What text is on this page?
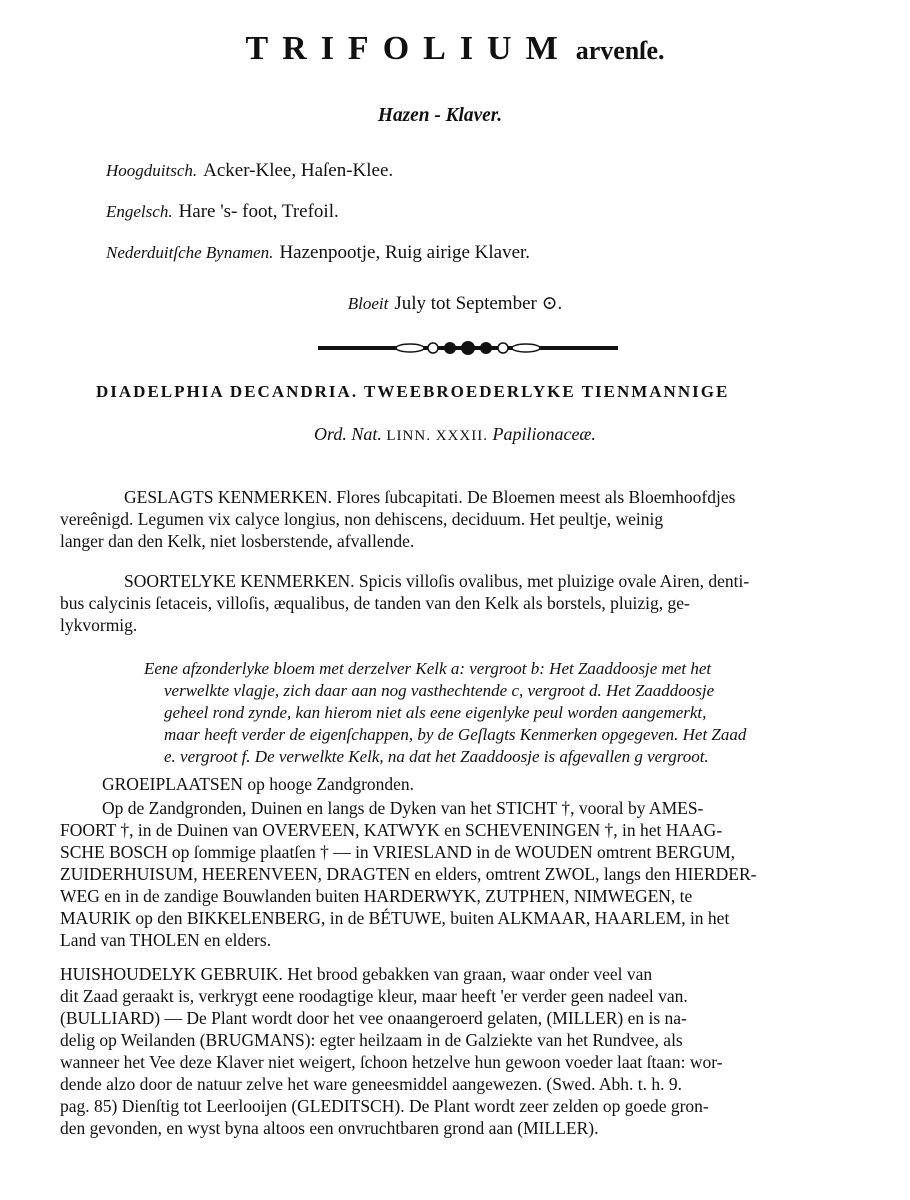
TRIFOLIUM arvenſe.
Hazen - Klaver.
Hoogduitsch. Acker-Klee, Haſen-Klee.
Engelsch. Hare 's- foot, Trefoil.
Nederduitſche Bynamen. Hazenpootje, Ruig airige Klaver.
Bloeit July tot September ⊙.
DIADELPHIA DECANDRIA. TWEEBROEDERLYKE TIENMANNIGE
Ord. Nat. LINN. XXXII. Papilionaceæ.
GESLAGTS KENMERKEN. Flores ſubcapitati. De Bloemen meest als Bloemhoofdjes
vereênigd. Legumen vix calyce longius, non dehiscens, deciduum. Het peultje, weinig
langer dan den Kelk, niet losberstende, afvallende.
SOORTELYKE KENMERKEN. Spicis villoſis ovalibus, met pluizige ovale Airen, denti-
bus calycinis ſetaceis, villoſis, æqualibus, de tanden van den Kelk als borstels, pluizig, ge-
lykvormig.
Eene afzonderlyke bloem met derzelver Kelk a: vergroot b: Het Zaaddoosje met het
verwelkte vlagje, zich daar aan nog vasthechtende c, vergroot d. Het Zaaddoosje
geheel rond zynde, kan hierom niet als eene eigenlyke peul worden aangemerkt,
maar heeft verder de eigenſchappen, by de Geſlagts Kenmerken opgegeven. Het Zaad
e. vergroot f. De verwelkte Kelk, na dat het Zaaddoosje is afgevallen g vergroot.
GROEIPLAATSEN op hooge Zandgronden.
Op de Zandgronden, Duinen en langs de Dyken van het STICHT †, vooral by AMES-
FOORT †, in de Duinen van OVERVEEN, KATWYK en SCHEVENINGEN †, in het HAAG-
SCHE BOSCH op ſommige plaatſen † — in VRIESLAND in de WOUDEN omtrent BERGUM,
ZUIDERHUISUM, HEERENVEEN, DRAGTEN en elders, omtrent ZWOL, langs den HIERDER-
WEG en in de zandige Bouwlanden buiten HARDERWYK, ZUTPHEN, NIMWEGEN, te
MAURIK op den BIKKELENBERG, in de BÉTUWE, buiten ALKMAAR, HAARLEM, in het
Land van THOLEN en elders.
HUISHOUDELYK GEBRUIK. Het brood gebakken van graan, waar onder veel van
dit Zaad geraakt is, verkrygt eene roodagtige kleur, maar heeft 'er verder geen nadeel van.
(BULLIARD) — De Plant wordt door het vee onaangeroerd gelaten, (MILLER) en is na-
delig op Weilanden (BRUGMANS): egter heilzaam in de Galziekte van het Rundvee, als
wanneer het Vee deze Klaver niet weigert, ſchoon hetzelve hun gewoon voeder laat ſtaan: wor-
dende alzo door de natuur zelve het ware geneesmiddel aangewezen. (Swed. Abh. t. h. 9.
pag. 85) Dienſtig tot Leerlooijen (GLEDITSCH). De Plant wordt zeer zelden op goede gron-
den gevonden, en wyst byna altoos een onvruchtbaren grond aan (MILLER).
